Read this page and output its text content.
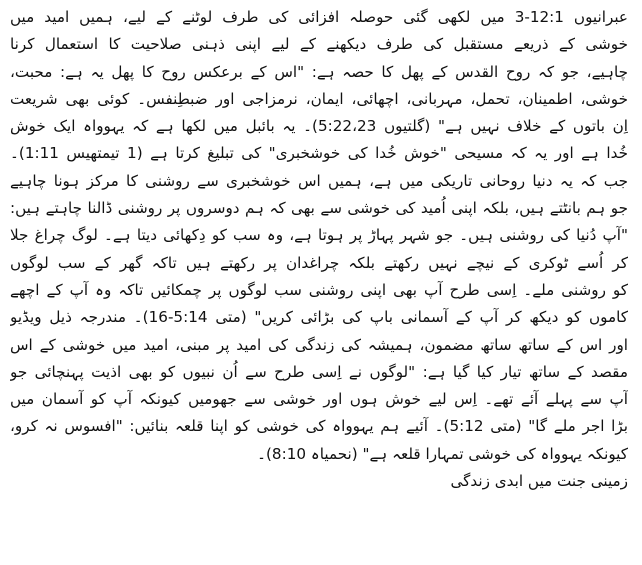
عبرانیوں 12:1-3 میں لکھی گئی حوصلہ افزائی کی طرف لوٹنے کے لیے، ہمیں امید میں
خوشی کے ذریعے مستقبل کی طرف دیکھنے کے لیے اپنی ذہنی صلاحیت کا استعمال کرنا
چاہیے، جو کہ روح القدس کے پھل کا حصہ ہے: "اس کے برعکس روح کا پھل یہ ہے: محبت،
خوشی، اطمینان، تحمل، مہربانی، اچھائی، ایمان، نرمزاجی اور ضبطِنفس۔ کوئی بھی شریعت
اِن باتوں کے خلاف نہیں ہے" (گلتیوں 5:22،23)۔ یہ بائبل میں لکھا ہے کہ یہوواہ ایک خوش
خُدا ہے اور یہ کہ مسیحی "خوش خُدا کی خوشخبری" کی تبلیغ کرتا ہے (1 تیمتھیس 1:11)۔
جب کہ یہ دنیا روحانی تاریکی میں ہے، ہمیں اس خوشخبری سے روشنی کا مرکز ہونا چاہیے
جو ہم بانٹتے ہیں، بلکہ اپنی اُمید کی خوشی سے بھی کہ ہم دوسروں پر روشنی ڈالنا چاہتے ہیں:
"آپ دُنیا کی روشنی ہیں۔ جو شہر پہاڑ پر ہوتا ہے، وہ سب کو دِکھائی دیتا ہے۔ لوگ چراغ جلا
کر اُسے ٹوکری کے نیچے نہیں رکھتے بلکہ چراغدان پر رکھتے ہیں تاکہ گھر کے سب لوگوں
کو روشنی ملے۔ اِسی طرح آپ بھی اپنی روشنی سب لوگوں پر چمکائیں تاکہ وہ آپ کے اچھے
کاموں کو دیکھ کر آپ کے آسمانی باپ کی بڑائی کریں" (متی 5:14-16)۔ مندرجہ ذیل ویڈیو
اور اس کے ساتھ ساتھ مضمون، ہمیشہ کی زندگی کی امید پر مبنی، امید میں خوشی کے اس
مقصد کے ساتھ تیار کیا گیا ہے: "لوگوں نے اِسی طرح سے اُن نبیوں کو بھی اذیت پہنچائی جو
آپ سے پہلے آئے تھے۔ اِس لیے خوش ہوں اور خوشی سے جھومیں کیونکہ آپ کو آسمان میں
بڑا اجر ملے گا" (متی 5:12)۔ آئیے ہم یہوواہ کی خوشی کو اپنا قلعہ بنائیں: "افسوس نہ کرو،
کیونکہ یہوواہ کی خوشی تمہارا قلعہ ہے" (نحمیاہ 8:10)۔
زمینی جنت میں ابدی زندگی
